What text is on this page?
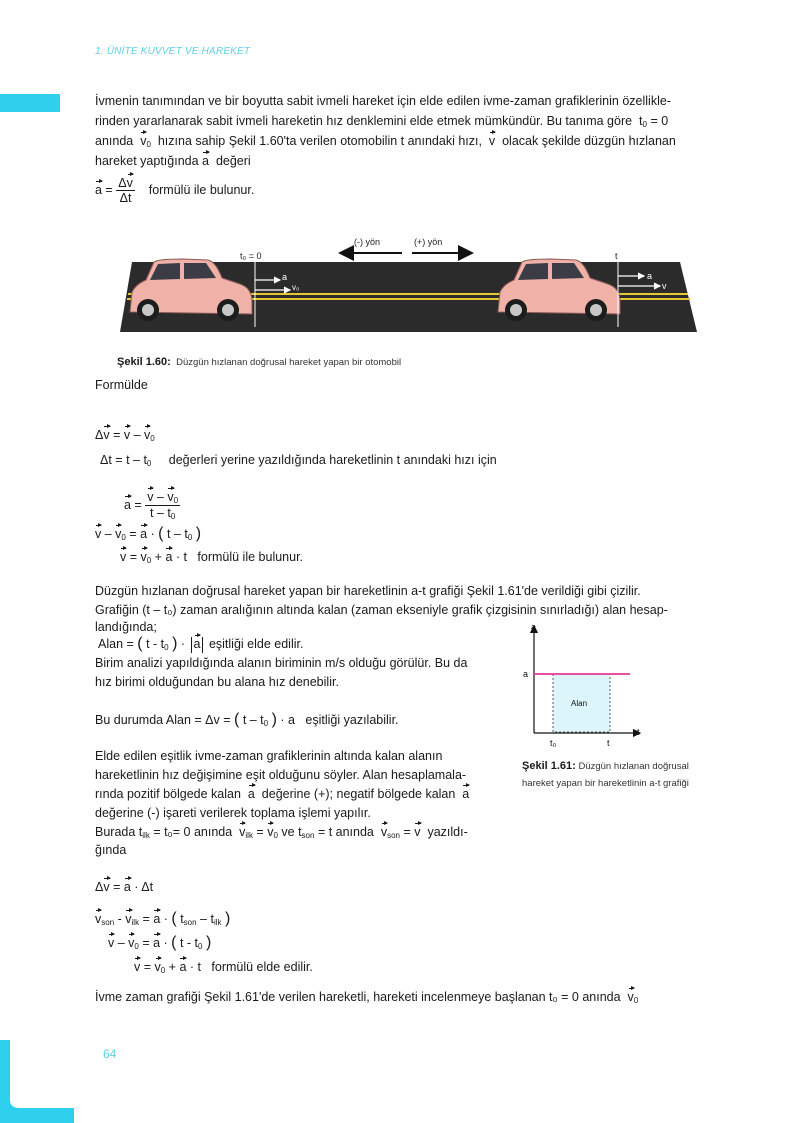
1. ÜNİTE KUVVET VE HAREKET
İvmenin tanımından ve bir boyutta sabit ivmeli hareket için elde edilen ivme-zaman grafiklerinin özellikle-
rinden yararlanarak sabit ivmeli hareketin hız denklemini elde etmek mümkündür. Bu tanıma göre  $t_0 = 0$
anında $v_0$ hızına sahip Şekil 1.60'ta verilen otomobilin t anındaki hızı, v olacak şekilde düzgün hızlanan
hareket yaptığında a değeri
$a = \frac{\Delta v}{\Delta t}$ formülü ile bulunur.
(-) yön	(+) yön
t₀ = 0
a
v₀
t
a
v
Şekil 1.60: Düzgün hızlanan doğrusal hareket yapan bir otomobil
Formülde
$\Delta v = v - v_0$
$\Delta t = t - t_0$ değerleri yerine yazıldığında hareketlinin t anındaki hızı için
$a = \frac{v - v_0}{t - t_0}$
$v - v_0 = a$ · ( t – $t_0$ )
$v = v_0 + a \cdot t$   formülü ile bulunur.
Düzgün hızlanan doğrusal hareket yapan bir hareketlinin a-t grafiği Şekil 1.61'de verildiği gibi çizilir.
Grafiğin (t – t₀) zaman aralığının altında kalan (zaman ekseniyle grafik çizgisinin sınırladığı) alan hesap-
landığında;
Alan = ( t - $t_0$ ) · a eşitliği elde edilir.
Birim analizi yapıldığında alanın biriminin m/s olduğu görülür. Bu da
hız birimi olduğundan bu alana hız denebilir.
Bu durumda Alan = Δv = ( t – $t_0$ ) · a   eşitliği yazılabilir.
a
a
t
t₀	t
Alan
Şekil 1.61: Düzgün hızlanan doğrusal
hareket yapan bir hareketlinin a-t grafiği
Elde edilen eşitlik ivme-zaman grafiklerinin altında kalan alanın
hareketlinin hız değişimine eşit olduğunu söyler. Alan hesaplamala-
rında pozitif bölgede kalan a değerine (+); negatif bölgede kalan a
değerine (-) işareti verilerek toplama işlemi yapılır.
Burada $t_{ilk} = t_0= 0$ anında $v_{ilk} = v_0$ ve $t_{son} = t$ anında $v_{son} = v$ yazıldı-
ğında
Δv = a · Δt
$v_{son} - v_{ilk} = a$ · ( $t_{son} - t_{ilk}$ )
$v - v_0 = a$ · ( t - $t_0$ )
$v = v_0 + a \cdot t$   formülü elde edilir.
İvme zaman grafiği Şekil 1.61'de verilen hareketli, hareketi incelenmeye başlanan t₀ = 0 anında $v_0$
64
